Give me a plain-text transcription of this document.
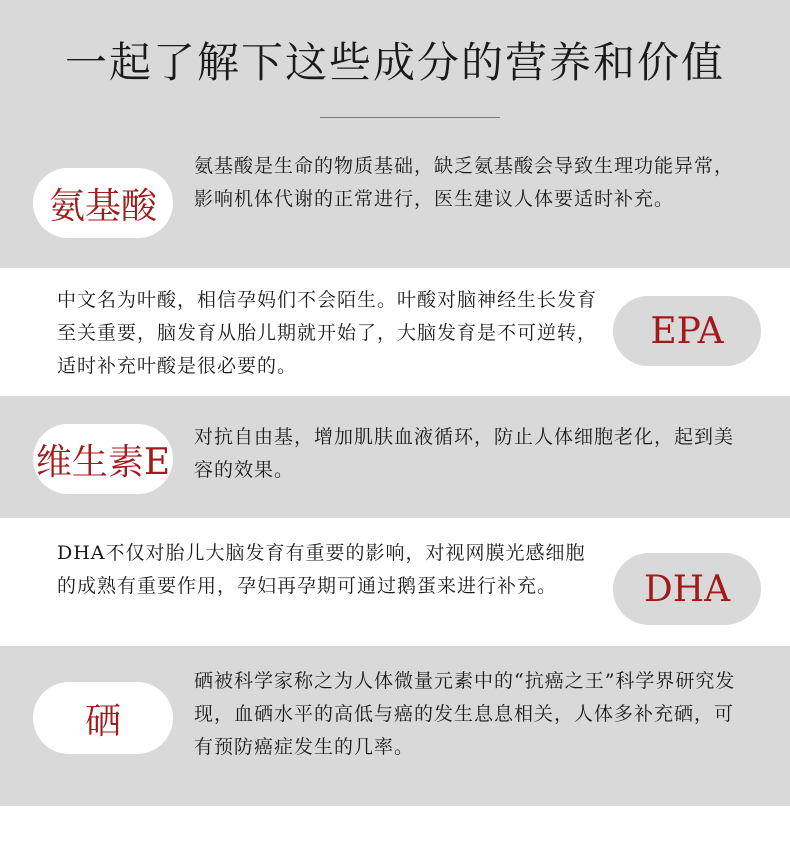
一起了解下这些成分的营养和价值
氨基酸
氨基酸是生命的物质基础，缺乏氨基酸会导致生理功能异常，影响机体代谢的正常进行，医生建议人体要适时补充。
中文名为叶酸，相信孕妈们不会陌生。叶酸对脑神经生长发育至关重要，脑发育从胎儿期就开始了，大脑发育是不可逆转，适时补充叶酸是很必要的。
EPA
维生素E
对抗自由基，增加肌肤血液循环，防止人体细胞老化，起到美容的效果。
DHA不仅对胎儿大脑发育有重要的影响，对视网膜光感细胞的成熟有重要作用，孕妇再孕期可通过鹅蛋来进行补充。	DHA
硒
硒被科学家称之为人体微量元素中的“抗癌之王”科学界研究发现，血硒水平的高低与癌的发生息息相关，人体多补充硒，可有预防癌症发生的几率。
